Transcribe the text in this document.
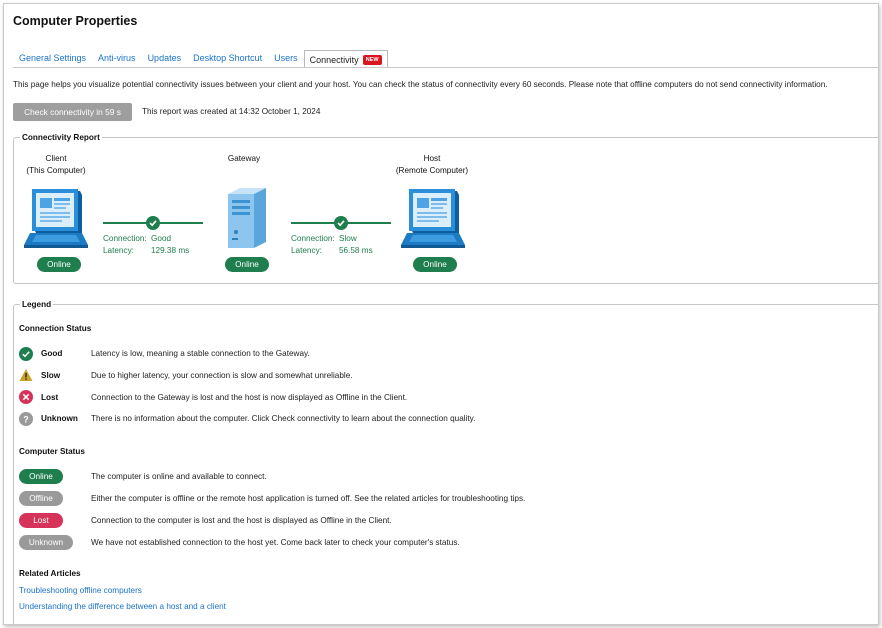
Computer Properties
General Settings	Anti-virus	Updates	Desktop Shortcut	Users	Connectivity	NEW
This page helps you visualize potential connectivity issues between your client and your host. You can check the status of connectivity every 60 seconds. Please note that offline computers do not send connectivity information.
Check connectivity in 59 s	This report was created at 14:32 October 1, 2024
Connectivity Report
Client
(This Computer)
Online
Connection: Good
Latency: 129.38 ms
Gateway
Online
Connection: Slow
Latency: 56.58 ms
Host
(Remote Computer)
Online
Legend
Connection Status
Good	Latency is low, meaning a stable connection to the Gateway.
Slow	Due to higher latency, your connection is slow and somewhat unreliable.
Lost	Connection to the Gateway is lost and the host is now displayed as Offline in the Client.
? Unknown There is no information about the computer. Click Check connectivity to learn about the connection quality.
Computer Status
Online	The computer is online and available to connect.
Offline	Either the computer is offline or the remote host application is turned off. See the related articles for troubleshooting tips.
Lost	Connection to the computer is lost and the host is displayed as Offline in the Client.
Unknown	We have not established connection to the host yet. Come back later to check your computer's status.
Related Articles
Troubleshooting offline computers
Understanding the difference between a host and a client
